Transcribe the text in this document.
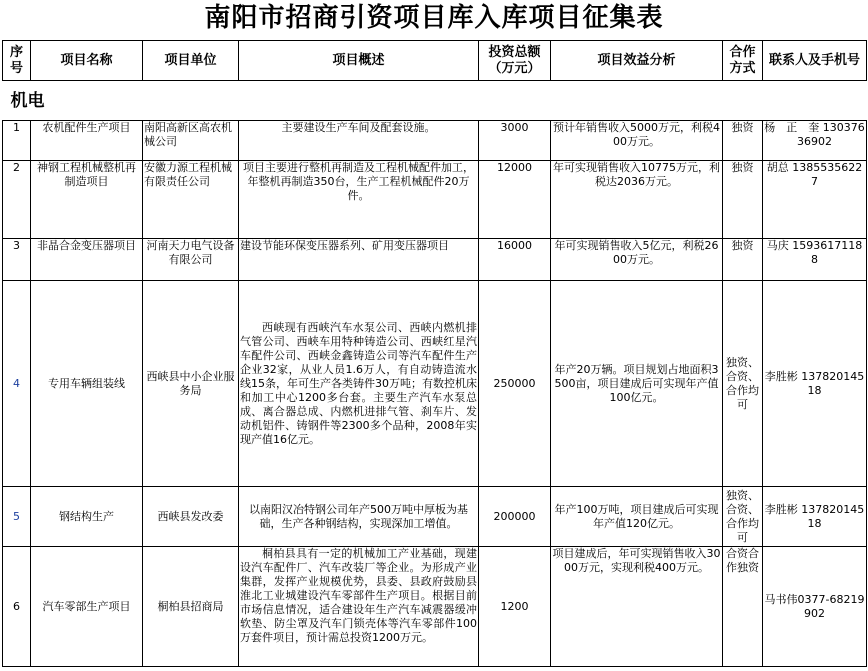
南阳市招商引资项目库入库项目征集表
序号	项目名称	项目单位	项目概述	投资总额（万元）	项目效益分析	合作方式	联系人及手机号
机电							
1	农机配件生产项目	南阳高新区高农机械公司	主要建设生产车间及配套设施。	3000	预计年销售收入5000万元，利税400万元。	独资	杨　正　奎 13037636902
2	神钢工程机械整机再制造项目	安徽力源工程机械有限责任公司	项目主要进行整机再制造及工程机械配件加工，年整机再制造350台，生产工程机械配件20万件。	12000	年可实现销售收入10775万元，利税达2036万元。	独资	胡总 13855356227
3	非晶合金变压器项目	河南天力电气设备有限公司	建设节能环保变压器系列、矿用变压器项目	16000	年可实现销售收入5亿元，利税2600万元。	独资	马庆 15936171188
4	专用车辆组装线	西峡县中小企业服务局	西峡现有西峡汽车水泵公司、西峡内燃机排气管公司、西峡车用特种铸造公司、西峡红星汽车配件公司、西峡金鑫铸造公司等汽车配件生产企业32家，从业人员1.6万人，有自动铸造流水线15条，年可生产各类铸件30万吨；有数控机床和加工中心1200多台套。主要生产汽车水泵总成、离合器总成、内燃机进排气管、刹车片、发动机铝件、铸钢件等2300多个品种，2008年实现产值16亿元。	250000	年产20万辆。项目规划占地面积3500亩，项目建成后可实现年产值100亿元。	独资、合资、合作均可	李胜彬 13782014518
5	钢结构生产	西峡县发改委	以南阳汉冶特钢公司年产500万吨中厚板为基础，生产各种钢结构，实现深加工增值。	200000	年产100万吨，项目建成后可实现年产值120亿元。	独资、合资、合作均可	李胜彬 13782014518
6	汽车零部生产项目	桐柏县招商局	桐柏县具有一定的机械加工产业基础，现建设汽车配件厂、汽车改装厂等企业。为形成产业集群，发挥产业规模优势，县委、县政府鼓励县淮北工业城建设汽车零部件生产项目。根据目前市场信息情况，适合建设年生产汽车减震器缓冲软垫、防尘罩及汽车门锁壳体等汽车零部件100万套件项目，预计需总投资1200万元。	1200	项目建成后，年可实现销售收入3000万元，实现利税400万元。	合资合作独资	马书伟0377-68219902
